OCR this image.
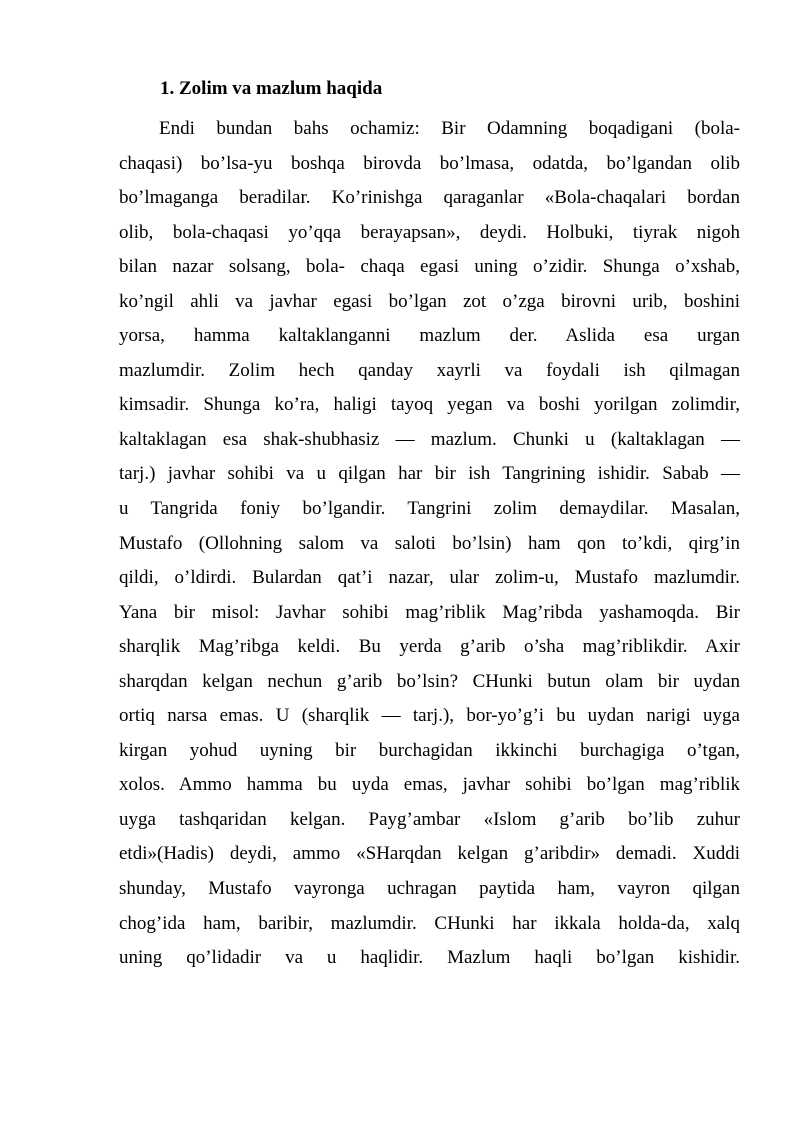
1. Zolim va mazlum haqida
Endi bundan bahs ochamiz: Bir Odamning boqadigani (bola-
chaqasi) bo’lsa-yu boshqa birovda bo’lmasa, odatda, bo’lgandan olib
bo’lmaganga beradilar. Ko’rinishga qaraganlar «Bola-chaqalari bordan
olib, bola-chaqasi yo’qqa berayapsan», deydi. Holbuki, tiyrak nigoh
bilan nazar solsang, bola- chaqa egasi uning o’zidir. Shunga o’xshab,
ko’ngil ahli va javhar egasi bo’lgan zot o’zga birovni urib, boshini
yorsa, hamma kaltaklanganni mazlum der. Aslida esa urgan
mazlumdir. Zolim hech qanday xayrli va foydali ish qilmagan
kimsadir. Shunga ko’ra, haligi tayoq yegan va boshi yorilgan zolimdir,
kaltaklagan esa shak-shubhasiz — mazlum. Chunki u (kaltaklagan —
tarj.) javhar sohibi va u qilgan har bir ish Tangrining ishidir. Sabab —
u Tangrida foniy bo’lgandir. Tangrini zolim demaydilar. Masalan,
Mustafo (Ollohning salom va saloti bo’lsin) ham qon to’kdi, qirg’in
qildi, o’ldirdi. Bulardan qat’i nazar, ular zolim-u, Mustafo mazlumdir.
Yana bir misol: Javhar sohibi mag’riblik Mag’ribda yashamoqda. Bir
sharqlik Mag’ribga keldi. Bu yerda g’arib o’sha mag’riblikdir. Axir
sharqdan kelgan nechun g’arib bo’lsin? CHunki butun olam bir uydan
ortiq narsa emas. U (sharqlik — tarj.), bor-yo’g’i bu uydan narigi uyga
kirgan yohud uyning bir burchagidan ikkinchi burchagiga o’tgan,
xolos. Ammo hamma bu uyda emas, javhar sohibi bo’lgan mag’riblik
uyga tashqaridan kelgan. Payg’ambar «Islom g’arib bo’lib zuhur
etdi»(Hadis) deydi, ammo «SHarqdan kelgan g’aribdir» demadi. Xuddi
shunday, Mustafo vayronga uchragan paytida ham, vayron qilgan
chog’ida ham, baribir, mazlumdir. CHunki har ikkala holda-da, xalq
uning qo’lidadir va u haqlidir. Mazlum haqli bo’lgan kishidir.
